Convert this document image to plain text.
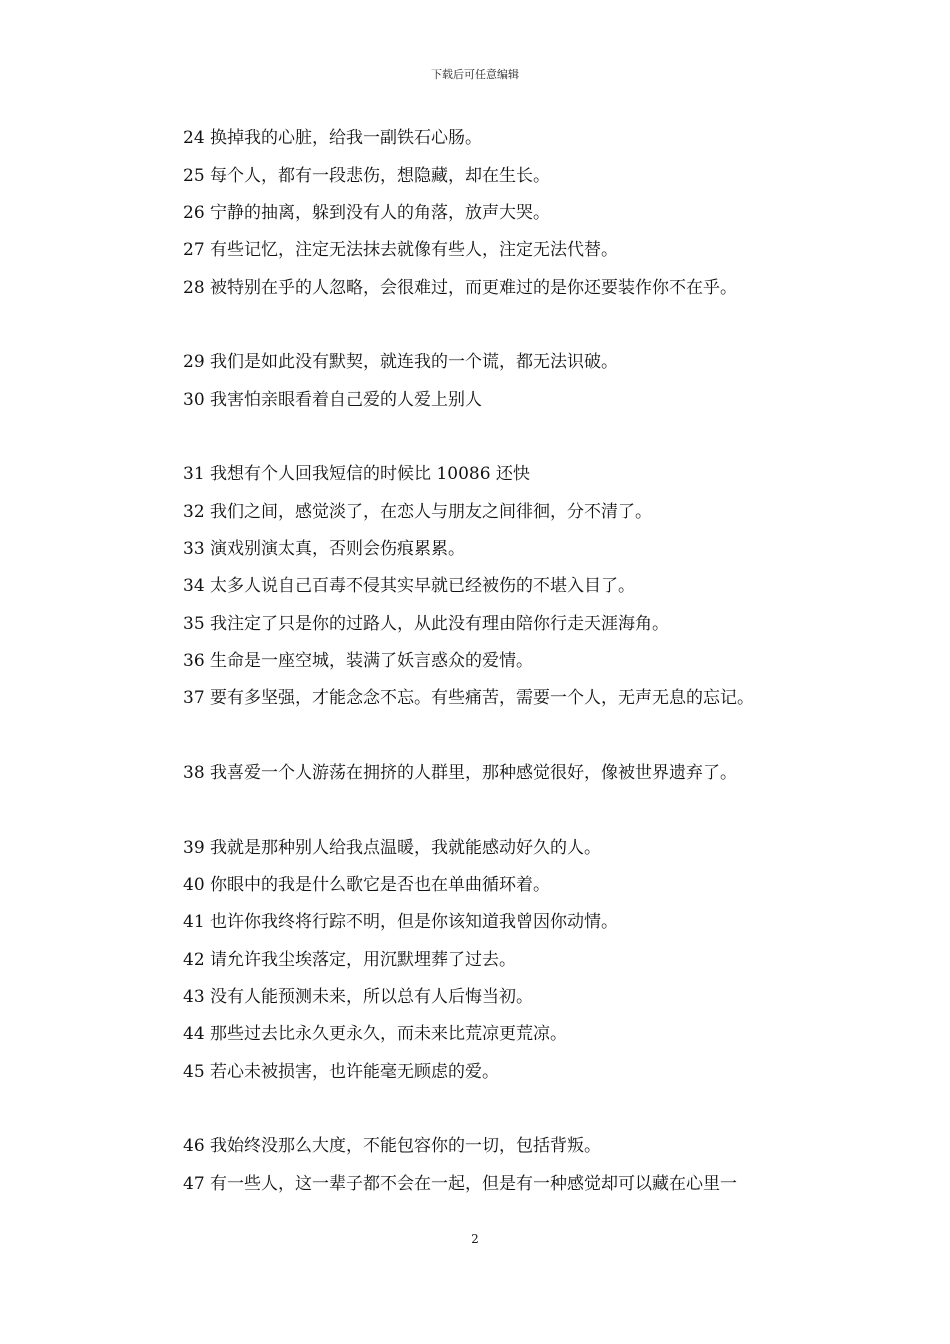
下载后可任意编辑
24 换掉我的心脏，给我一副铁石心肠。
25 每个人，都有一段悲伤，想隐藏，却在生长。
26 宁静的抽离，躲到没有人的角落，放声大哭。
27 有些记忆，注定无法抹去就像有些人，注定无法代替。
28 被特别在乎的人忽略，会很难过，而更难过的是你还要装作你不在乎。
29 我们是如此没有默契，就连我的一个谎，都无法识破。
30 我害怕亲眼看着自己爱的人爱上别人
31 我想有个人回我短信的时候比 10086 还快
32 我们之间，感觉淡了，在恋人与朋友之间徘徊，分不清了。
33 演戏别演太真，否则会伤痕累累。
34 太多人说自己百毒不侵其实早就已经被伤的不堪入目了。
35 我注定了只是你的过路人，从此没有理由陪你行走天涯海角。
36 生命是一座空城，装满了妖言惑众的爱情。
37 要有多坚强，才能念念不忘。有些痛苦，需要一个人，无声无息的忘记。
38 我喜爱一个人游荡在拥挤的人群里，那种感觉很好，像被世界遗弃了。
39 我就是那种别人给我点温暖，我就能感动好久的人。
40 你眼中的我是什么歌它是否也在单曲循环着。
41 也许你我终将行踪不明，但是你该知道我曾因你动情。
42 请允许我尘埃落定，用沉默埋葬了过去。
43 没有人能预测未来，所以总有人后悔当初。
44 那些过去比永久更永久，而未来比荒凉更荒凉。
45 若心未被损害，也许能毫无顾虑的爱。
46 我始终没那么大度，不能包容你的一切，包括背叛。
47 有一些人，这一辈子都不会在一起，但是有一种感觉却可以藏在心里一
2
